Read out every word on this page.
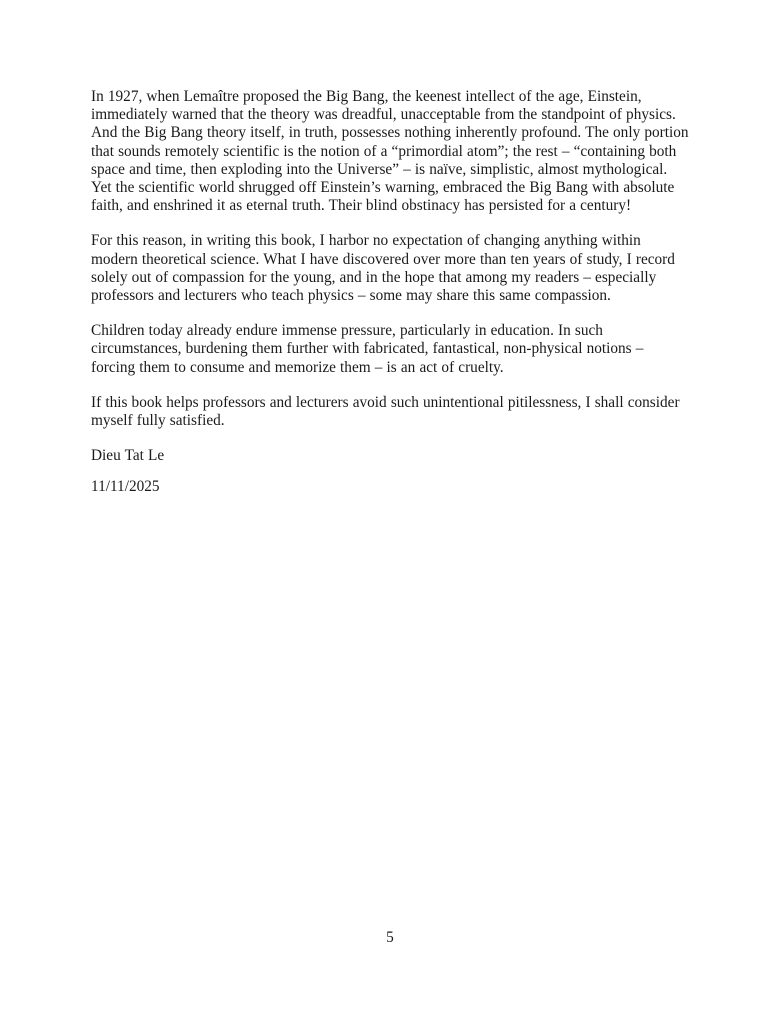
In 1927, when Lemaître proposed the Big Bang, the keenest intellect of the age, Einstein, immediately warned that the theory was dreadful, unacceptable from the standpoint of physics. And the Big Bang theory itself, in truth, possesses nothing inherently profound. The only portion that sounds remotely scientific is the notion of a “primordial atom”; the rest – “containing both space and time, then exploding into the Universe” – is naïve, simplistic, almost mythological. Yet the scientific world shrugged off Einstein’s warning, embraced the Big Bang with absolute faith, and enshrined it as eternal truth. Their blind obstinacy has persisted for a century!

For this reason, in writing this book, I harbor no expectation of changing anything within modern theoretical science. What I have discovered over more than ten years of study, I record solely out of compassion for the young, and in the hope that among my readers – especially professors and lecturers who teach physics – some may share this same compassion.

Children today already endure immense pressure, particularly in education. In such circumstances, burdening them further with fabricated, fantastical, non-physical notions – forcing them to consume and memorize them – is an act of cruelty.

If this book helps professors and lecturers avoid such unintentional pitilessness, I shall consider myself fully satisfied.

Dieu Tat Le

11/11/2025

5
